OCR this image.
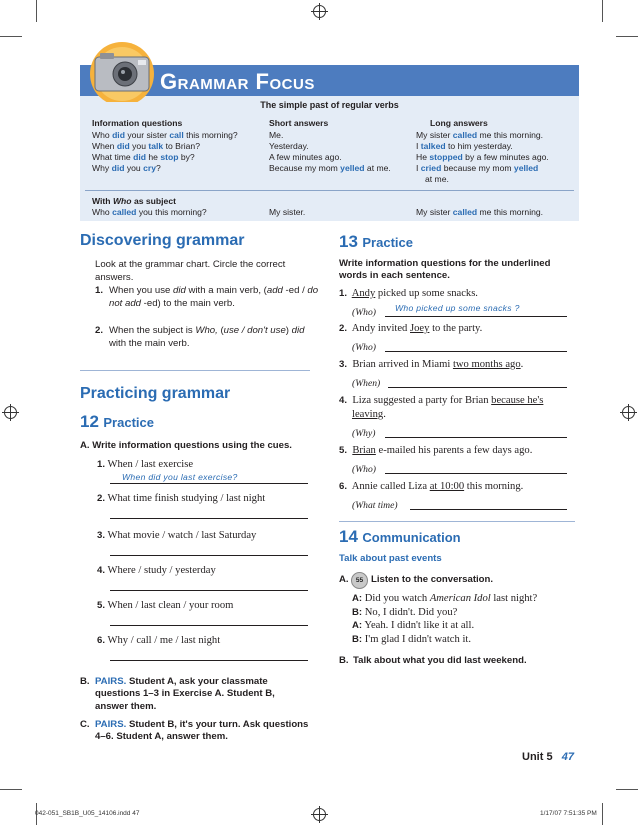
Grammar Focus
The simple past of regular verbs
Information questions	Short answers	Long answers
Who did your sister call this morning?	Me.	My sister called me this morning.
When did you talk to Brian?	Yesterday.	I talked to him yesterday.
What time did he stop by?	A few minutes ago.	He stopped by a few minutes ago.
Why did you cry?	Because my mom yelled at me.	I cried because my mom yelled
at me.
With Who as subject
Who called you this morning?	My sister.	My sister called me this morning.
Discovering grammar
Look at the grammar chart. Circle the correct answers.
1. When you use did with a main verb, (add -ed / do not add -ed) to the main verb.
2. When the subject is Who, (use / don't use) did with the main verb.
Practicing grammar
12 Practice
A. Write information questions using the cues.
1. When / last exercise
When did you last exercise?
2. What time finish studying / last night
3. What movie / watch / last Saturday
4. Where / study / yesterday
5. When / last clean / your room
6. Why / call / me / last night
B. PAIRS. Student A, ask your classmate questions 1–3 in Exercise A. Student B, answer them.
C. PAIRS. Student B, it's your turn. Ask questions 4–6. Student A, answer them.
13 Practice
Write information questions for the underlined words in each sentence.
1. Andy picked up some snacks.
(Who) Who picked up some snacks ?
2. Andy invited Joey to the party.
(Who)
3. Brian arrived in Miami two months ago.
(When)
4. Liza suggested a party for Brian because he's
leaving.
(Why)
5. Brian e-mailed his parents a few days ago.
(Who)
6. Annie called Liza at 10:00 this morning.
(What time)
14 Communication
Talk about past events
A.	55 Listen to the conversation.
A: Did you watch American Idol last night?
B: No, I didn't. Did you?
A: Yeah. I didn't like it at all.
B: I'm glad I didn't watch it.
B. Talk about what you did last weekend.
Unit 5 47
042-051_SB1B_U05_14106.indd 47	1/17/07 7:51:35 PM
